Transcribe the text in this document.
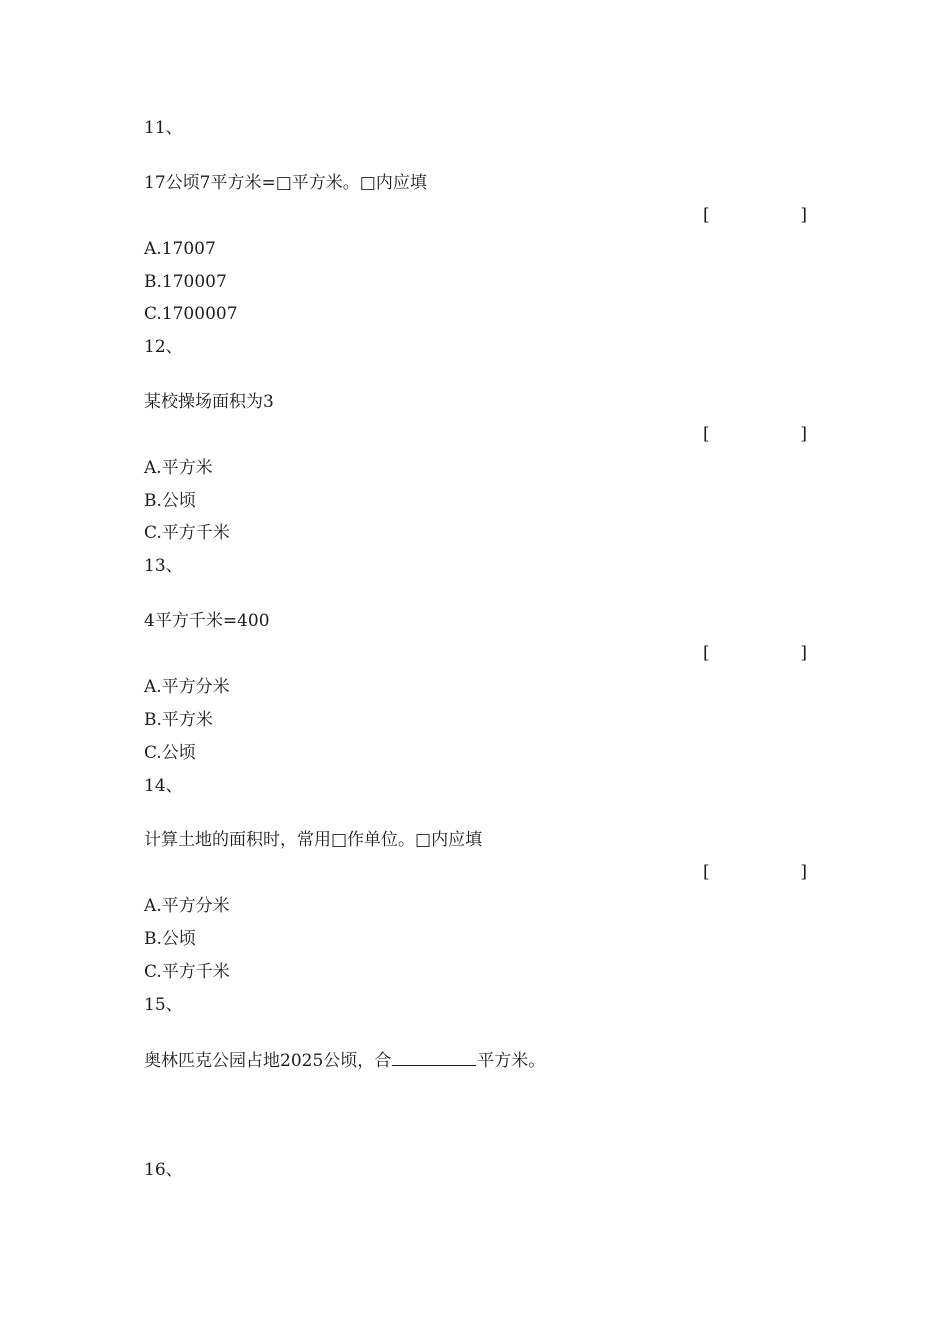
11、
17公顷7平方米=□平方米。□内应填
[	]
A.17007
B.170007
C.1700007
12、
某校操场面积为3
[	]
A.平方米
B.公顷
C.平方千米
13、
4平方千米=400
[	]
A.平方分米
B.平方米
C.公顷
14、
计算土地的面积时，常用□作单位。□内应填
[	]
A.平方分米
B.公顷
C.平方千米
15、
奥林匹克公园占地2025公顷，合	平方米。
16、
